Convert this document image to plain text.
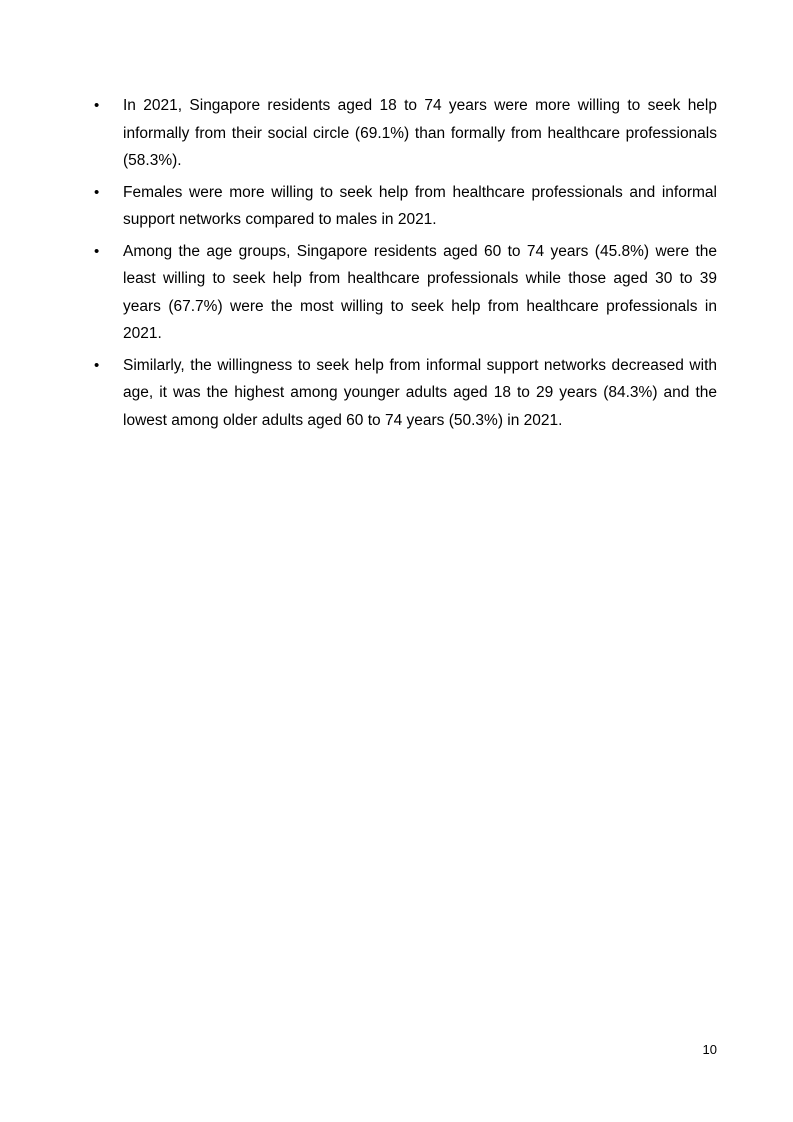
•	In 2021, Singapore residents aged 18 to 74 years were more willing to seek help informally from their social circle (69.1%) than formally from healthcare professionals (58.3%).
•	Females were more willing to seek help from healthcare professionals and informal support networks compared to males in 2021.
•	Among the age groups, Singapore residents aged 60 to 74 years (45.8%) were the least willing to seek help from healthcare professionals while those aged 30 to 39 years (67.7%) were the most willing to seek help from healthcare professionals in 2021.
•	Similarly, the willingness to seek help from informal support networks decreased with age, it was the highest among younger adults aged 18 to 29 years (84.3%) and the lowest among older adults aged 60 to 74 years (50.3%) in 2021.
10
